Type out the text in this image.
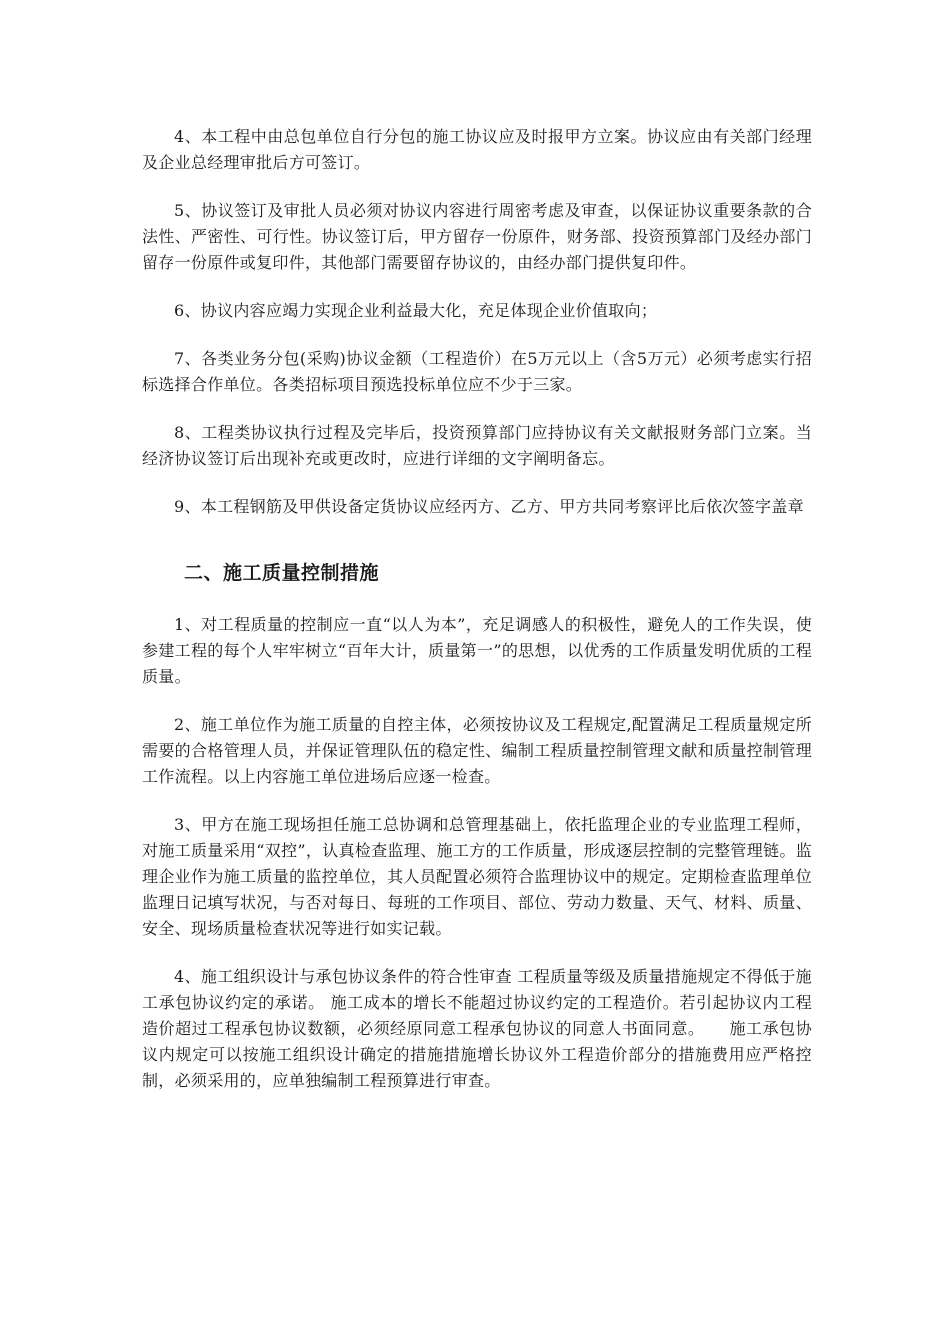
4、本工程中由总包单位自行分包的施工协议应及时报甲方立案。协议应由有关部门经理及企业总经理审批后方可签订。

5、协议签订及审批人员必须对协议内容进行周密考虑及审查，以保证协议重要条款的合法性、严密性、可行性。协议签订后，甲方留存一份原件，财务部、投资预算部门及经办部门留存一份原件或复印件，其他部门需要留存协议的，由经办部门提供复印件。

6、协议内容应竭力实现企业利益最大化，充足体现企业价值取向；

7、各类业务分包(采购)协议金额（工程造价）在5万元以上（含5万元）必须考虑实行招标选择合作单位。各类招标项目预选投标单位应不少于三家。

8、工程类协议执行过程及完毕后，投资预算部门应持协议有关文献报财务部门立案。当经济协议签订后出现补充或更改时，应进行详细的文字阐明备忘。

9、本工程钢筋及甲供设备定货协议应经丙方、乙方、甲方共同考察评比后依次签字盖章

二、施工质量控制措施

1、对工程质量的控制应一直“以人为本”，充足调感人的积极性，避免人的工作失误，使参建工程的每个人牢牢树立“百年大计，质量第一”的思想，以优秀的工作质量发明优质的工程质量。

2、施工单位作为施工质量的自控主体，必须按协议及工程规定,配置满足工程质量规定所需要的合格管理人员，并保证管理队伍的稳定性、编制工程质量控制管理文献和质量控制管理工作流程。以上内容施工单位进场后应逐一检查。

3、甲方在施工现场担任施工总协调和总管理基础上，依托监理企业的专业监理工程师，对施工质量采用“双控”，认真检查监理、施工方的工作质量，形成逐层控制的完整管理链。监理企业作为施工质量的监控单位，其人员配置必须符合监理协议中的规定。定期检查监理单位监理日记填写状况，与否对每日、每班的工作项目、部位、劳动力数量、天气、材料、质量、安全、现场质量检查状况等进行如实记载。

4、施工组织设计与承包协议条件的符合性审查 工程质量等级及质量措施规定不得低于施工承包协议约定的承诺。 施工成本的增长不能超过协议约定的工程造价。若引起协议内工程造价超过工程承包协议数额，必须经原同意工程承包协议的同意人书面同意。　　施工承包协议内规定可以按施工组织设计确定的措施措施增长协议外工程造价部分的措施费用应严格控制，必须采用的，应单独编制工程预算进行审查。
